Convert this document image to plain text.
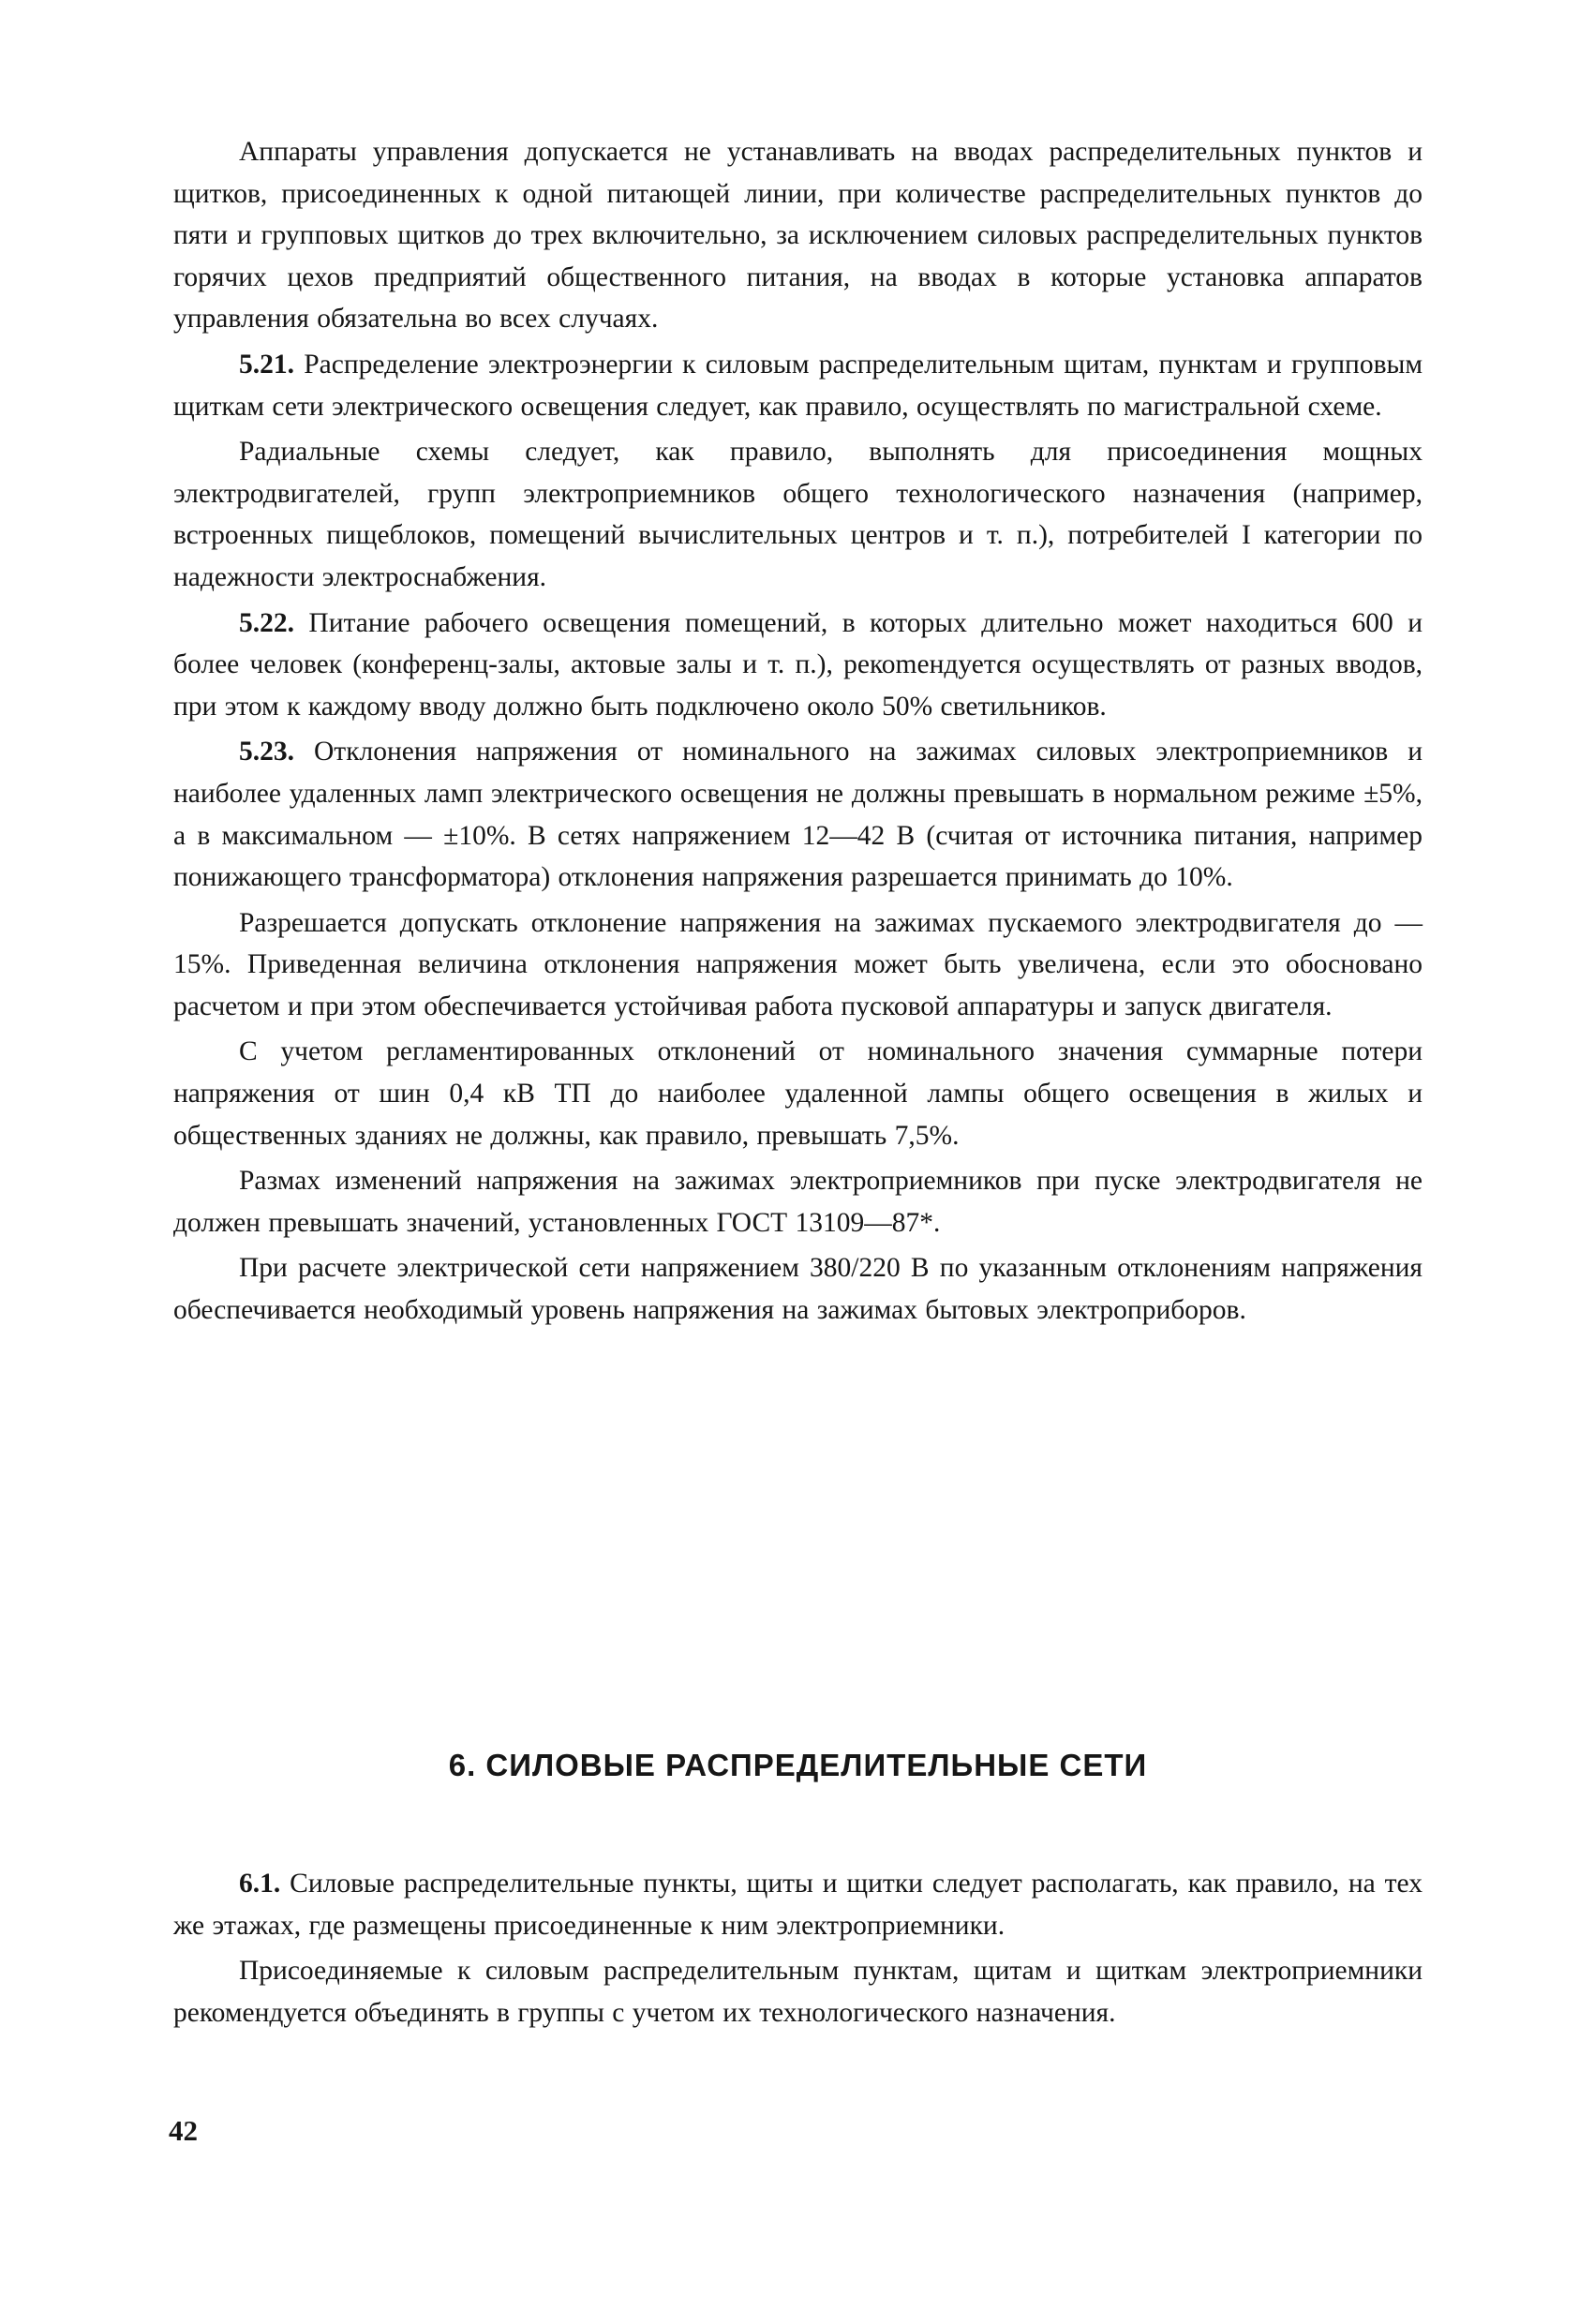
Аппараты управления допускается не устанавливать на вводах распределительных пунктов и щитков, присоединенных к одной питающей линии, при количестве распределительных пунктов до пяти и групповых щитков до трех включительно, за исключением силовых распределительных пунктов горячих цехов предприятий общественного питания, на вводах в которые установка аппаратов управления обязательна во всех случаях.

5.21. Распределение электроэнергии к силовым распределительным щитам, пунктам и групповым щиткам сети электрического освещения следует, как правило, осуществлять по магистральной схеме.

Радиальные схемы следует, как правило, выполнять для присоединения мощных электродвигателей, групп электроприемников общего технологического назначения (например, встроенных пищеблоков, помещений вычислительных центров и т. п.), потребителей I категории по надежности электроснабжения.

5.22. Питание рабочего освещения помещений, в которых длительно может находиться 600 и более человек (конференц-залы, актовые залы и т. п.), рекоmендуется осуществлять от разных вводов, при этом к каждому вводу должно быть подключено около 50% светильников.

5.23. Отклонения напряжения от номинального на зажимах силовых электроприемников и наиболее удаленных ламп электрического освещения не должны превышать в нормальном режиме ±5%, а в максимальном — ±10%. В сетях напряжением 12—42 В (считая от источника питания, например понижающего трансформатора) отклонения напряжения разрешается принимать до 10%.

Разрешается допускать отклонение напряжения на зажимах пускаемого электродвигателя до —15%. Приведенная величина отклонения напряжения может быть увеличена, если это обосновано расчетом и при этом обеспечивается устойчивая работа пусковой аппаратуры и запуск двигателя.

С учетом регламентированных отклонений от номинального значения суммарные потери напряжения от шин 0,4 кВ ТП до наиболее удаленной лампы общего освещения в жилых и общественных зданиях не должны, как правило, превышать 7,5%.

Размах изменений напряжения на зажимах электроприемников при пуске электродвигателя не должен превышать значений, установленных ГОСТ 13109—87*.

При расчете электрической сети напряжением 380/220 В по указанным отклонениям напряжения обеспечивается необходимый уровень напряжения на зажимах бытовых электроприборов.

6. СИЛОВЫЕ РАСПРЕДЕЛИТЕЛЬНЫЕ СЕТИ

6.1. Силовые распределительные пункты, щиты и щитки следует располагать, как правило, на тех же этажах, где размещены присоединенные к ним электроприемники.

Присоединяемые к силовым распределительным пунктам, щитам и щиткам электроприемники рекомендуется объединять в группы с учетом их технологического назначения.

42
